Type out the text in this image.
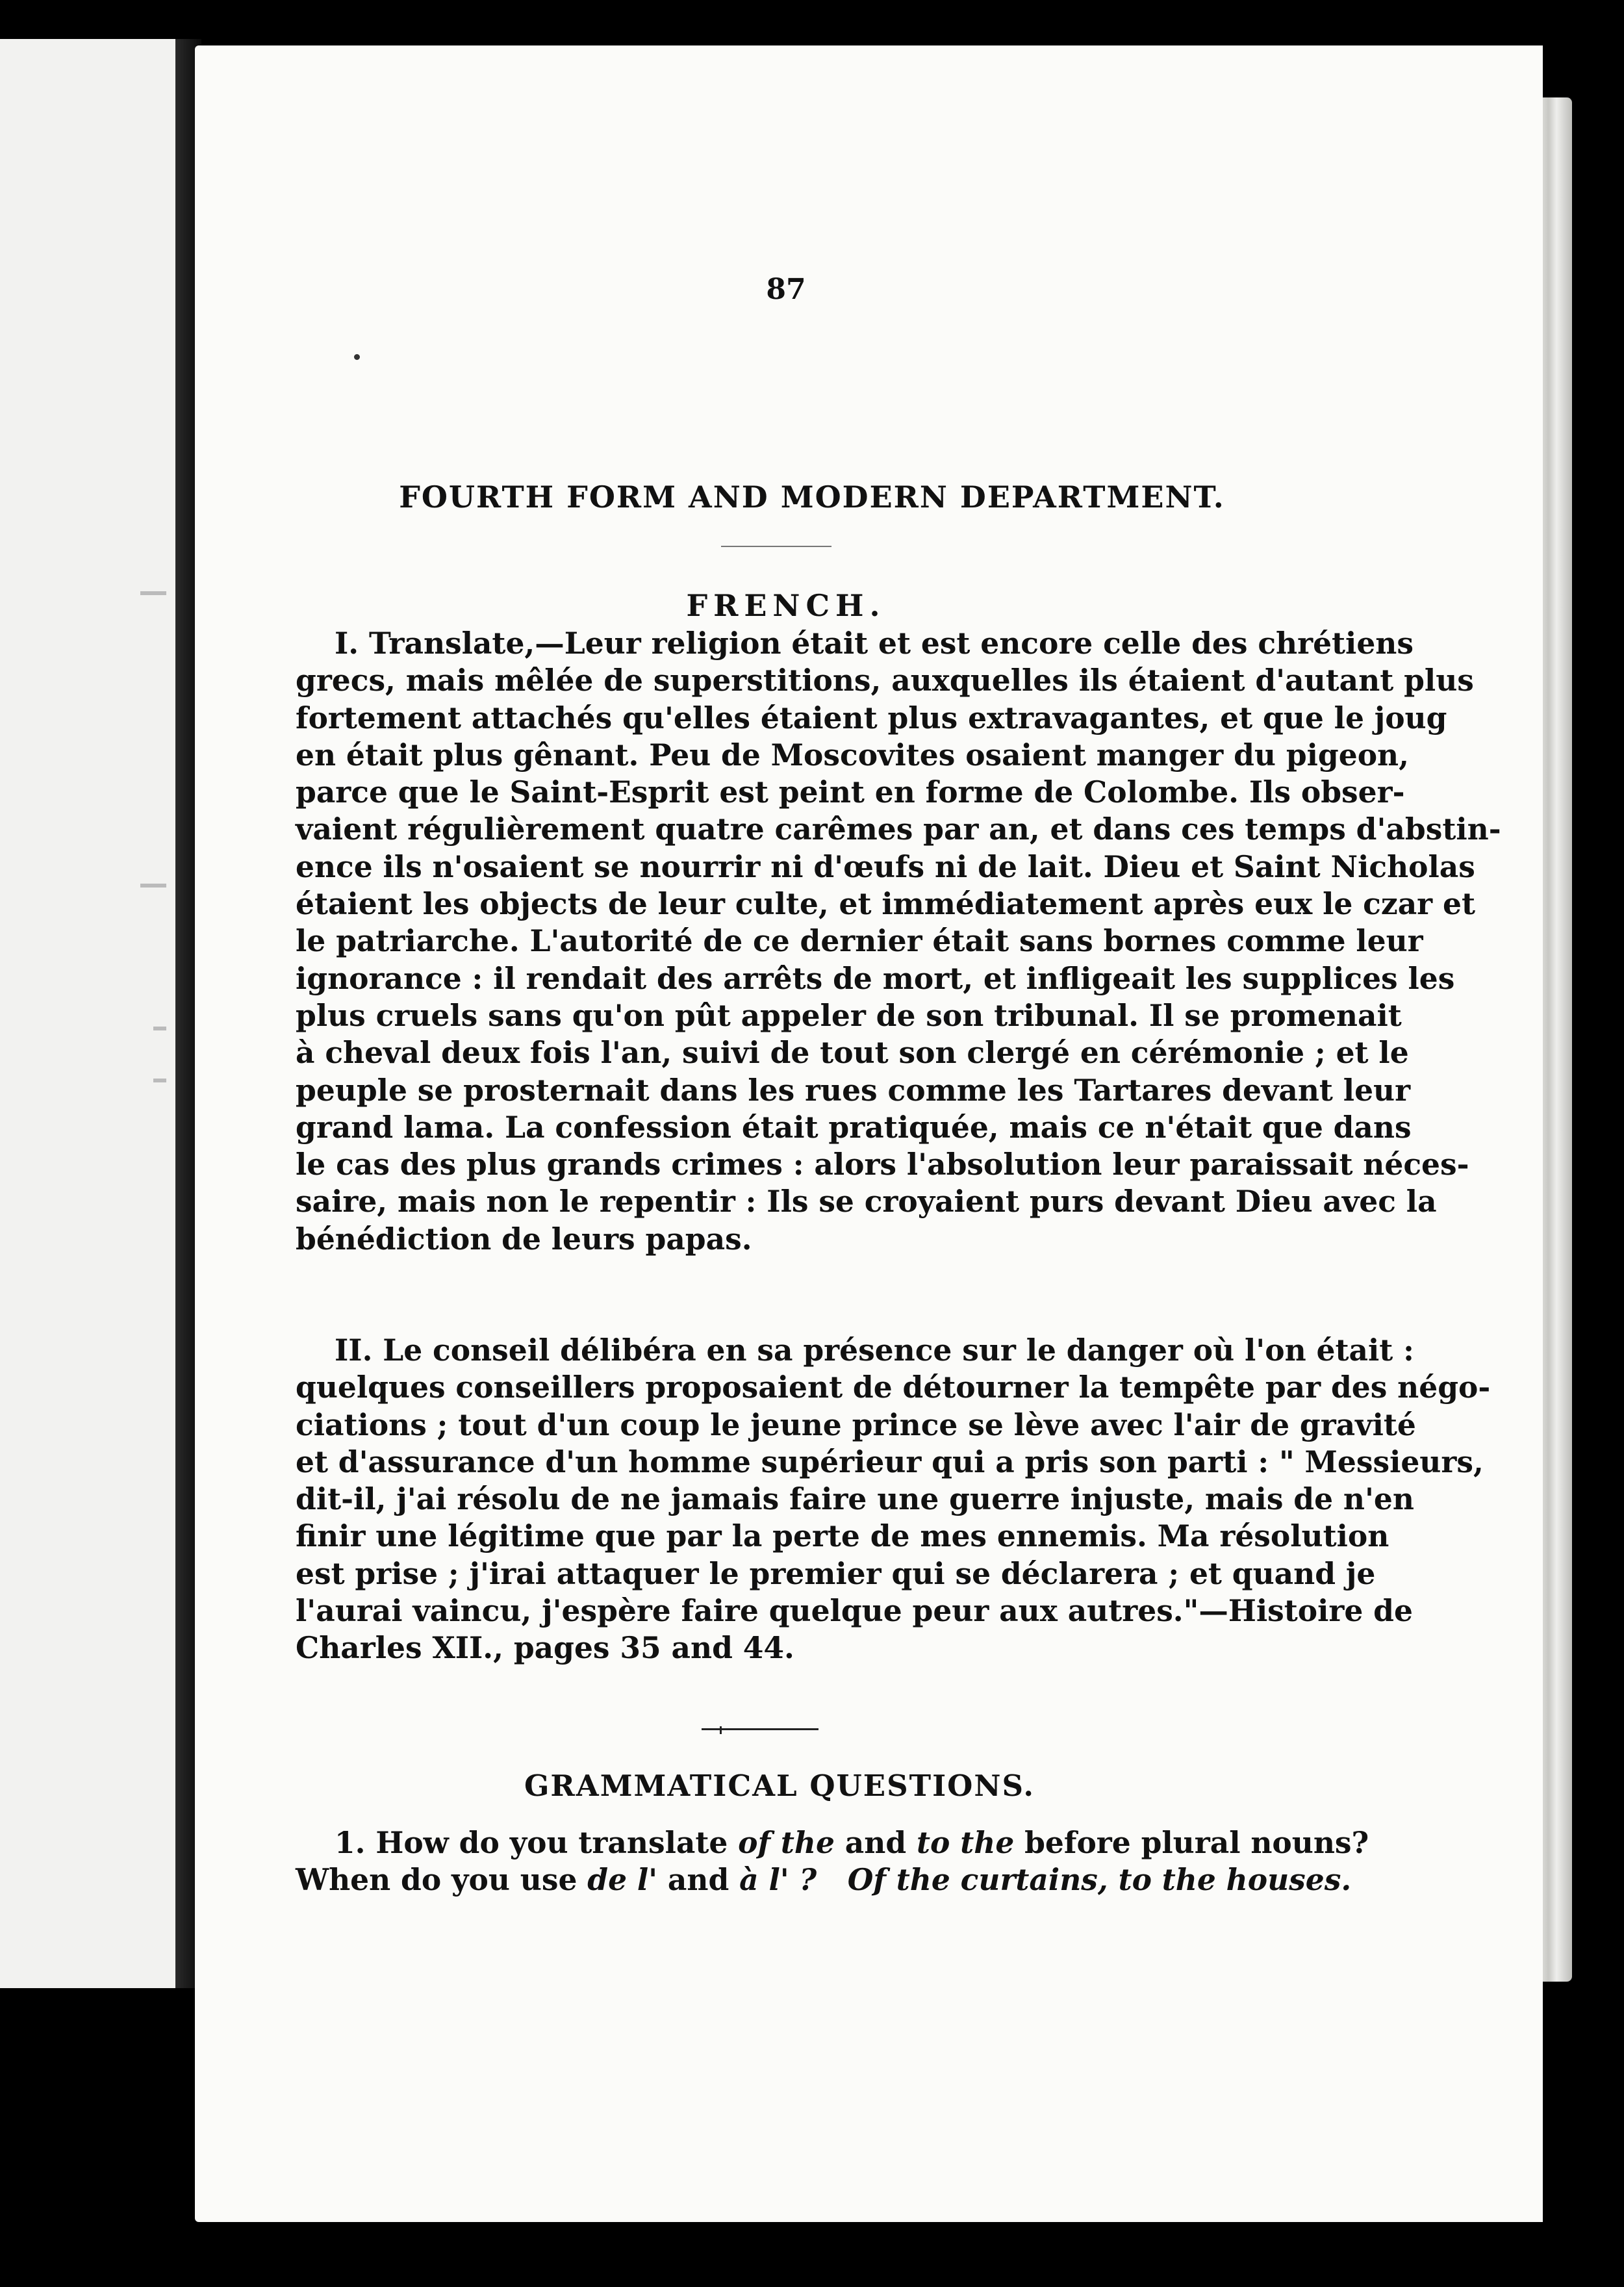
87
FOURTH FORM AND MODERN DEPARTMENT.
FRENCH.
I. Translate,—Leur religion était et est encore celle des chrétiens
grecs, mais mêlée de superstitions, auxquelles ils étaient d'autant plus
fortement attachés qu'elles étaient plus extravagantes, et que le joug
en était plus gênant. Peu de Moscovites osaient manger du pigeon,
parce que le Saint-Esprit est peint en forme de Colombe. Ils obser-
vaient régulièrement quatre carêmes par an, et dans ces temps d'abstin-
ence ils n'osaient se nourrir ni d'œufs ni de lait. Dieu et Saint Nicholas
étaient les objects de leur culte, et immédiatement après eux le czar et
le patriarche. L'autorité de ce dernier était sans bornes comme leur
ignorance : il rendait des arrêts de mort, et infligeait les supplices les
plus cruels sans qu'on pût appeler de son tribunal. Il se promenait
à cheval deux fois l'an, suivi de tout son clergé en cérémonie ; et le
peuple se prosternait dans les rues comme les Tartares devant leur
grand lama. La confession était pratiquée, mais ce n'était que dans
le cas des plus grands crimes : alors l'absolution leur paraissait néces-
saire, mais non le repentir : Ils se croyaient purs devant Dieu avec la
bénédiction de leurs papas.
II. Le conseil délibéra en sa présence sur le danger où l'on était :
quelques conseillers proposaient de détourner la tempête par des négo-
ciations ; tout d'un coup le jeune prince se lève avec l'air de gravité
et d'assurance d'un homme supérieur qui a pris son parti : " Messieurs,
dit-il, j'ai résolu de ne jamais faire une guerre injuste, mais de n'en
finir une légitime que par la perte de mes ennemis. Ma résolution
est prise ; j'irai attaquer le premier qui se déclarera ; et quand je
l'aurai vaincu, j'espère faire quelque peur aux autres."—Histoire de
Charles XII., pages 35 and 44.
GRAMMATICAL QUESTIONS.
1. How do you translate of the and to the before plural nouns?
When do you use de l' and à l' ? Of the curtains, to the houses.
